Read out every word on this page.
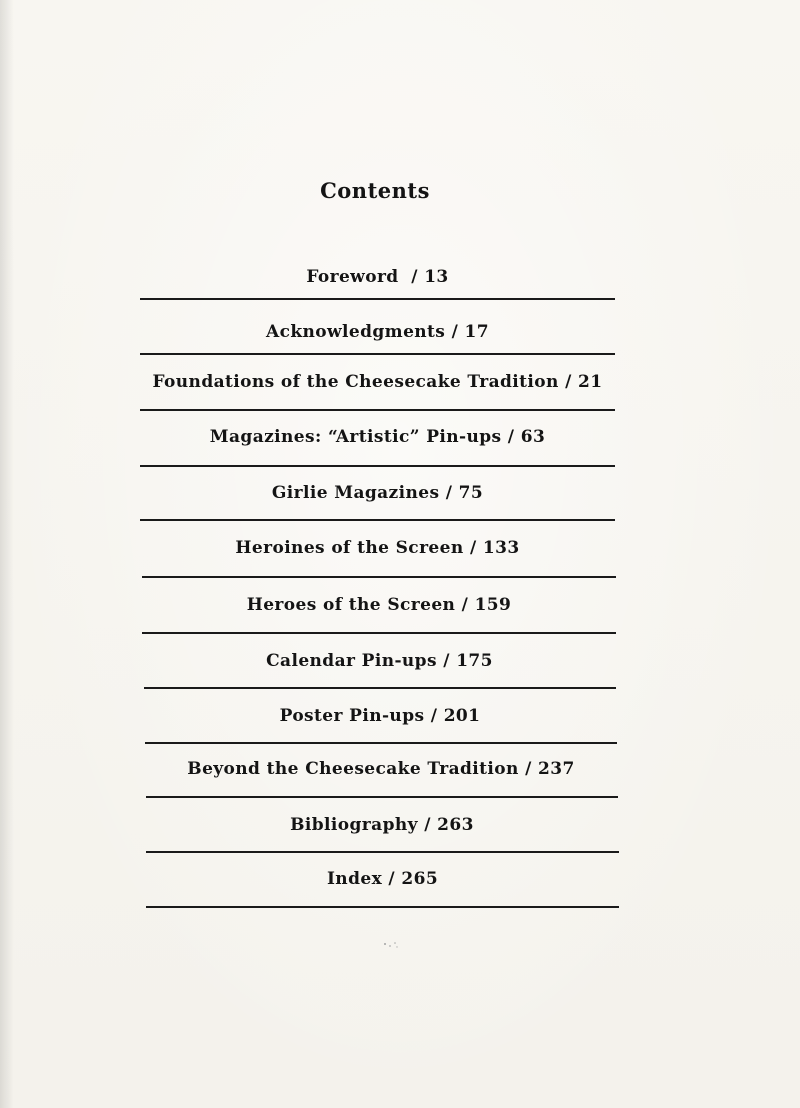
Contents
Foreword  / 13
Acknowledgments / 17
Foundations of the Cheesecake Tradition / 21
Magazines: “Artistic” Pin-ups / 63
Girlie Magazines / 75
Heroines of the Screen / 133
Heroes of the Screen / 159
Calendar Pin-ups / 175
Poster Pin-ups / 201
Beyond the Cheesecake Tradition / 237
Bibliography / 263
Index / 265
